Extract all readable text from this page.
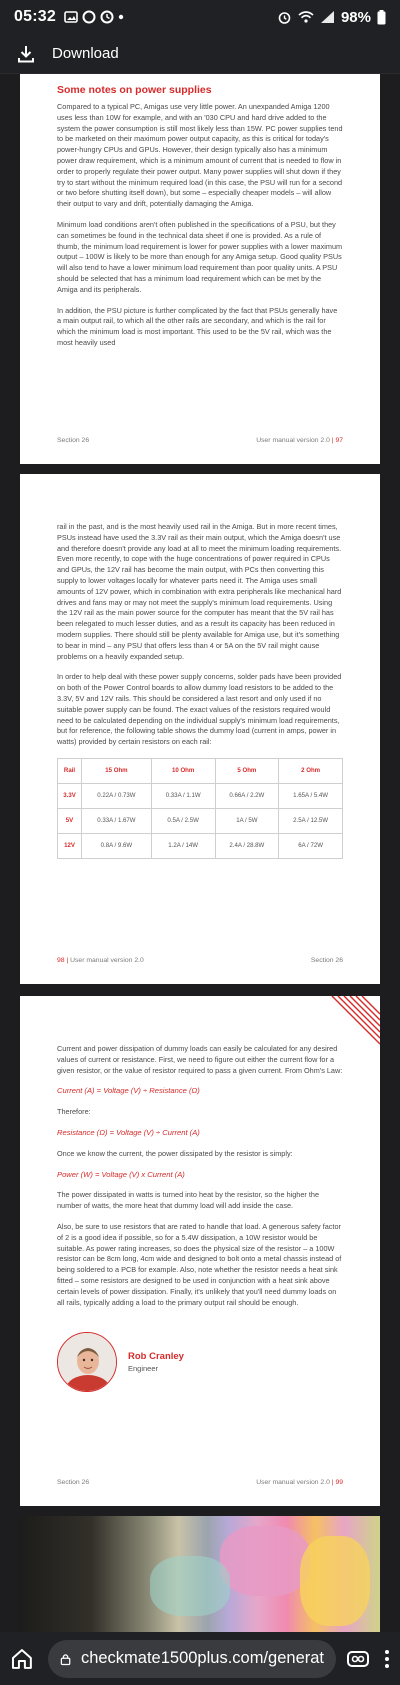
05:32	98%
Download
Some notes on power supplies

Compared to a typical PC, Amigas use very little power. An unexpanded Amiga 1200 uses less than 10W for example, and with an '030 CPU and hard drive added to the system the power consumption is still most likely less than 15W. PC power supplies tend to be marketed on their maximum power output capacity, as this is critical for today's power-hungry CPUs and GPUs. However, their design typically also has a minimum power draw requirement, which is a minimum amount of current that is needed to flow in order to properly regulate their power output. Many power supplies will shut down if they try to start without the minimum required load (in this case, the PSU will run for a second or two before shutting itself down), but some – especially cheaper models – will allow their output to vary and drift, potentially damaging the Amiga.

Minimum load conditions aren't often published in the specifications of a PSU, but they can sometimes be found in the technical data sheet if one is provided. As a rule of thumb, the minimum load requirement is lower for power supplies with a lower maximum output – 100W is likely to be more than enough for any Amiga setup. Good quality PSUs will also tend to have a lower minimum load requirement than poor quality units. A PSU should be selected that has a minimum load requirement which can be met by the Amiga and its peripherals.

In addition, the PSU picture is further complicated by the fact that PSUs generally have a main output rail, to which all the other rails are secondary, and which is the rail for which the minimum load is most important. This used to be the 5V rail, which was the most heavily used

Section 26	User manual version 2.0 | 97

rail in the past, and is the most heavily used rail in the Amiga. But in more recent times, PSUs instead have used the 3.3V rail as their main output, which the Amiga doesn't use and therefore doesn't provide any load at all to meet the minimum loading requirements. Even more recently, to cope with the huge concentrations of power required in CPUs and GPUs, the 12V rail has become the main output, with PCs then converting this supply to lower voltages locally for whatever parts need it. The Amiga uses small amounts of 12V power, which in combination with extra peripherals like mechanical hard drives and fans may or may not meet the supply's minimum load requirements. Using the 12V rail as the main power source for the computer has meant that the 5V rail has been relegated to much lesser duties, and as a result its capacity has been reduced in modern supplies. There should still be plenty available for Amiga use, but it's something to bear in mind – any PSU that offers less than 4 or 5A on the 5V rail might cause problems on a heavily expanded setup.

In order to help deal with these power supply concerns, solder pads have been provided on both of the Power Control boards to allow dummy load resistors to be added to the 3.3V, 5V and 12V rails. This should be considered a last resort and only used if no suitable power supply can be found. The exact values of the resistors required would need to be calculated depending on the individual supply's minimum load requirements, but for reference, the following table shows the dummy load (current in amps, power in watts) provided by certain resistors on each rail:

Rail	15 Ohm	10 Ohm	5 Ohm	2 Ohm
3.3V	0.22A / 0.73W	0.33A / 1.1W	0.66A / 2.2W	1.65A / 5.4W
5V	0.33A / 1.67W	0.5A / 2.5W	1A / 5W	2.5A / 12.5W
12V	0.8A / 9.6W	1.2A / 14W	2.4A / 28.8W	6A / 72W
98 | User manual version 2.0	Section 26

Current and power dissipation of dummy loads can easily be calculated for any desired values of current or resistance. First, we need to figure out either the current flow for a given resistor, or the value of resistor required to pass a given current. From Ohm's Law:

Current (A) = Voltage (V) ÷ Resistance (Ω)

Therefore:

Resistance (Ω) = Voltage (V) ÷ Current (A)

Once we know the current, the power dissipated by the resistor is simply:

Power (W) = Voltage (V) x Current (A)

The power dissipated in watts is turned into heat by the resistor, so the higher the number of watts, the more heat that dummy load will add inside the case.

Also, be sure to use resistors that are rated to handle that load. A generous safety factor of 2 is a good idea if possible, so for a 5.4W dissipation, a 10W resistor would be suitable. As power rating increases, so does the physical size of the resistor – a 100W resistor can be 8cm long, 4cm wide and designed to bolt onto a metal chassis instead of being soldered to a PCB for example. Also, note whether the resistor needs a heat sink fitted – some resistors are designed to be used in conjunction with a heat sink above certain levels of power dissipation. Finally, it's unlikely that you'll need dummy loads on all rails, typically adding a load to the primary output rail should be enough.

Rob Cranley
Engineer
Section 26	User manual version 2.0 | 99
checkmate1500plus.com/generat
